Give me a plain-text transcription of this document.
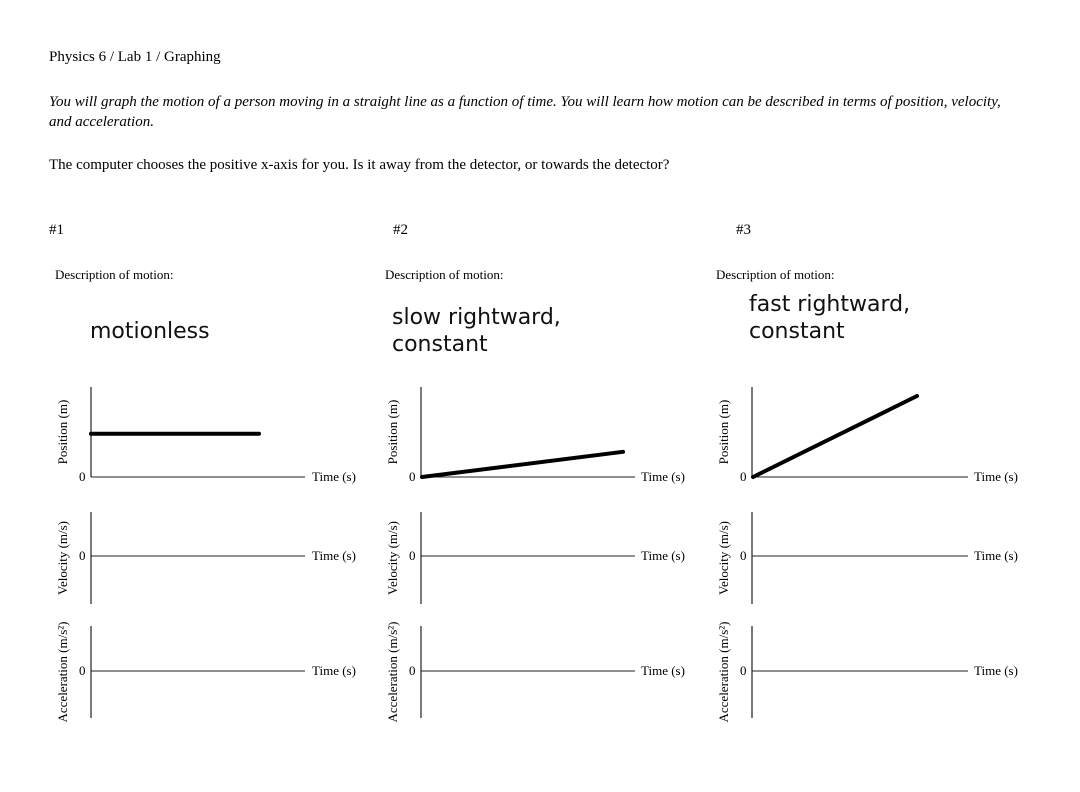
Physics 6 / Lab 1 / Graphing
You will graph the motion of a person moving in a straight line as a function of time. You will learn how motion can be described in terms of position, velocity, and acceleration.
The computer chooses the positive x-axis for you. Is it away from the detector, or towards the detector?
#1	#2	#3
Description of motion:
motionless
Position (m)
0	Time (s)
Velocity (m/s) 0	Time (s)
Acceleration (m/s²) 0	Time (s)
Description of motion:
slow rightward,
constant
Position (m)
0	Time (s)
Velocity (m/s) 0	Time (s)
Acceleration (m/s²) 0	Time (s)
Description of motion:
fast rightward,
constant
Position (m)
0	Time (s)
Velocity (m/s) 0	Time (s)
Acceleration (m/s²) 0	Time (s)
